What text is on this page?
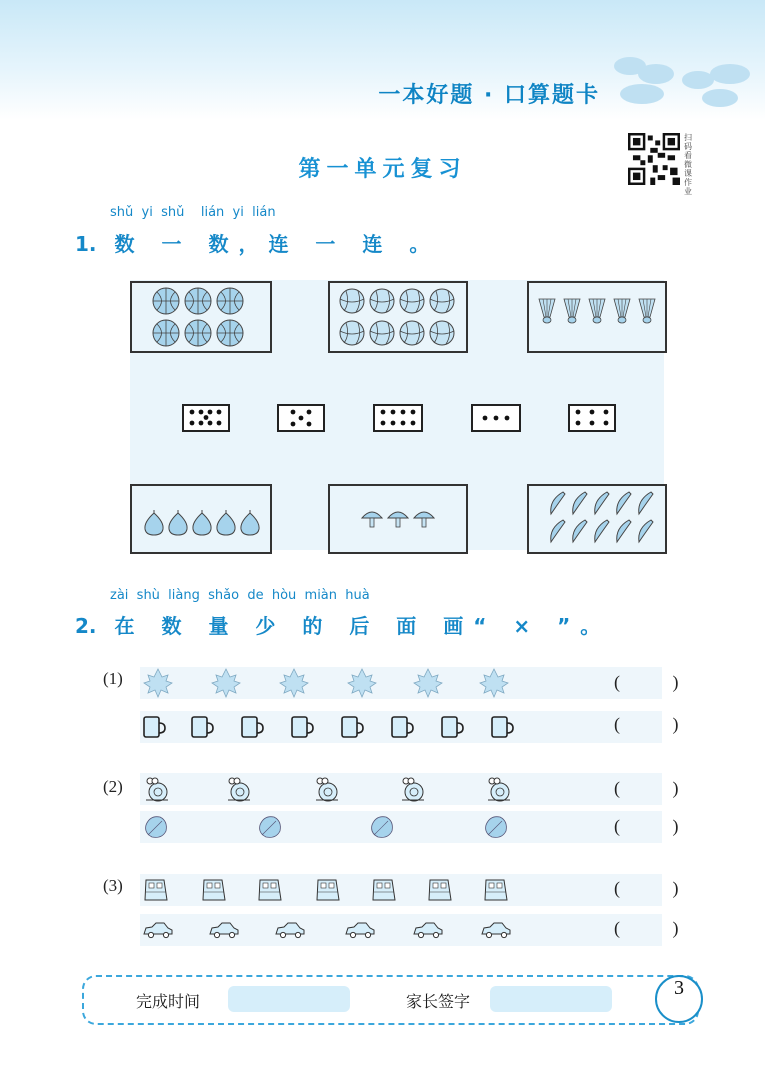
一本好题 · 口算题卡
第一单元复习
扫码看微课作业
shǔ  yi  shǔ    lián  yi  lián
1. 数 一 数，连 一 连 。
zài  shù  liàng  shǎo  de  hòu  miàn  huà
2. 在 数 量 少 的 后 面 画“ × ”。
(1)	( )
( )
(2)	( )
( )
(3)	( )
( )
完成时间	家长签字
3
